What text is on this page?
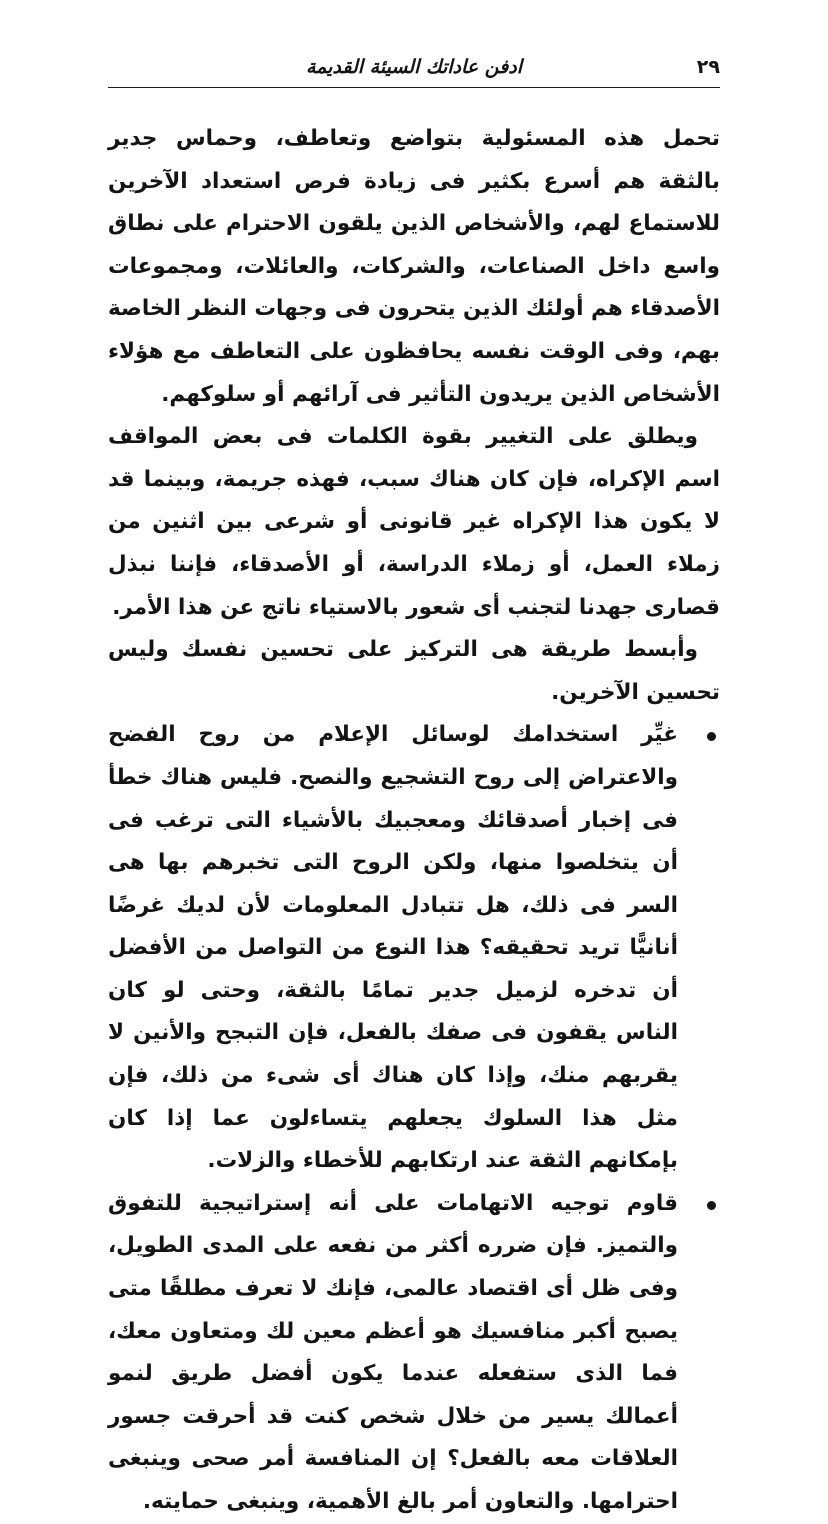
ادفن عاداتك السيئة القديمة	٢٩

تحمل هذه المسئولية بتواضع وتعاطف، وحماس جدير بالثقة هم أسرع بكثير فى زيادة فرص استعداد الآخرين للاستماع لهم، والأشخاص الذين يلقون الاحترام على نطاق واسع داخل الصناعات، والشركات، والعائلات، ومجموعات الأصدقاء هم أولئك الذين يتحرون فى وجهات النظر الخاصة بهم، وفى الوقت نفسه يحافظون على التعاطف مع هؤلاء الأشخاص الذين يريدون التأثير فى آرائهم أو سلوكهم.

ويطلق على التغيير بقوة الكلمات فى بعض المواقف اسم الإكراه، فإن كان هناك سبب، فهذه جريمة، وبينما قد لا يكون هذا الإكراه غير قانونى أو شرعى بين اثنين من زملاء العمل، أو زملاء الدراسة، أو الأصدقاء، فإننا نبذل قصارى جهدنا لتجنب أى شعور بالاستياء ناتج عن هذا الأمر.

وأبسط طريقة هى التركيز على تحسين نفسك وليس تحسين الآخرين.

غيِّر استخدامك لوسائل الإعلام من روح الفضح والاعتراض إلى روح التشجيع والنصح. فليس هناك خطأ فى إخبار أصدقائك ومعجبيك بالأشياء التى ترغب فى أن يتخلصوا منها، ولكن الروح التى تخبرهم بها هى السر فى ذلك، هل تتبادل المعلومات لأن لديك غرضًا أنانيًّا تريد تحقيقه؟ هذا النوع من التواصل من الأفضل أن تدخره لزميل جدير تمامًا بالثقة، وحتى لو كان الناس يقفون فى صفك بالفعل، فإن التبجح والأنين لا يقربهم منك، وإذا كان هناك أى شىء من ذلك، فإن مثل هذا السلوك يجعلهم يتساءلون عما إذا كان بإمكانهم الثقة عند ارتكابهم للأخطاء والزلات.
قاوم توجيه الاتهامات على أنه إستراتيجية للتفوق والتميز. فإن ضرره أكثر من نفعه على المدى الطويل، وفى ظل أى اقتصاد عالمى، فإنك لا تعرف مطلقًا متى يصبح أكبر منافسيك هو أعظم معين لك ومتعاون معك، فما الذى ستفعله عندما يكون أفضل طريق لنمو أعمالك يسير من خلال شخص كنت قد أحرقت جسور العلاقات معه بالفعل؟ إن المنافسة أمر صحى وينبغى احترامها. والتعاون أمر بالغ الأهمية، وينبغى حمايته.
